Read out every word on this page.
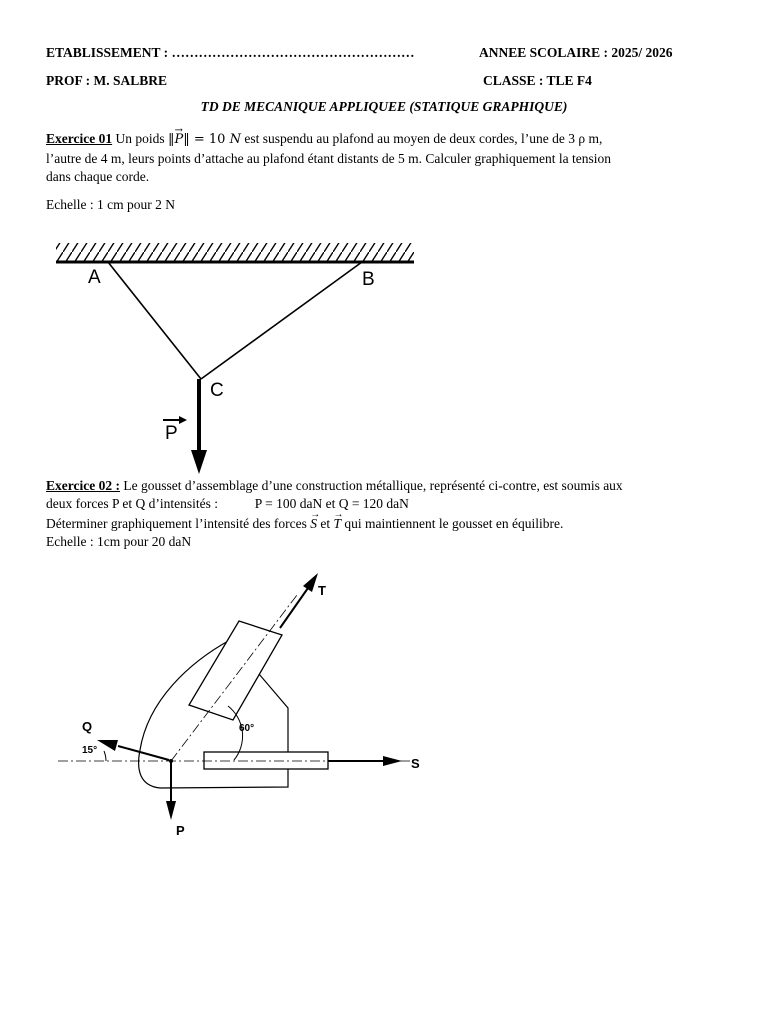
ETABLISSEMENT : ………………………………………………	ANNEE SCOLAIRE : 2025/ 2026
PROF : M. SALBRE	CLASSE : TLE F4
TD DE MECANIQUE APPLIQUEE (STATIQUE GRAPHIQUE)
Exercice 01 Un poids ‖→ P‖ = 10 N est suspendu au plafond au moyen de deux cordes, l’une de 3 ρ m,
l’autre de 4 m, leurs points d’attache au plafond étant distants de 5 m. Calculer graphiquement la tension
dans chaque corde.
Echelle : 1 cm pour 2 N
A	B
C
P
Exercice 02 : Le gousset d’assemblage d’une construction métallique, représenté ci-contre, est soumis aux
deux forces P et Q d’intensités :	P = 100 daN et Q = 120 daN
Déterminer graphiquement l’intensité des forces → S et → T qui maintiennent le gousset en équilibre.
Echelle : 1cm pour 20 daN
T
Q
S
P
60°
15°
